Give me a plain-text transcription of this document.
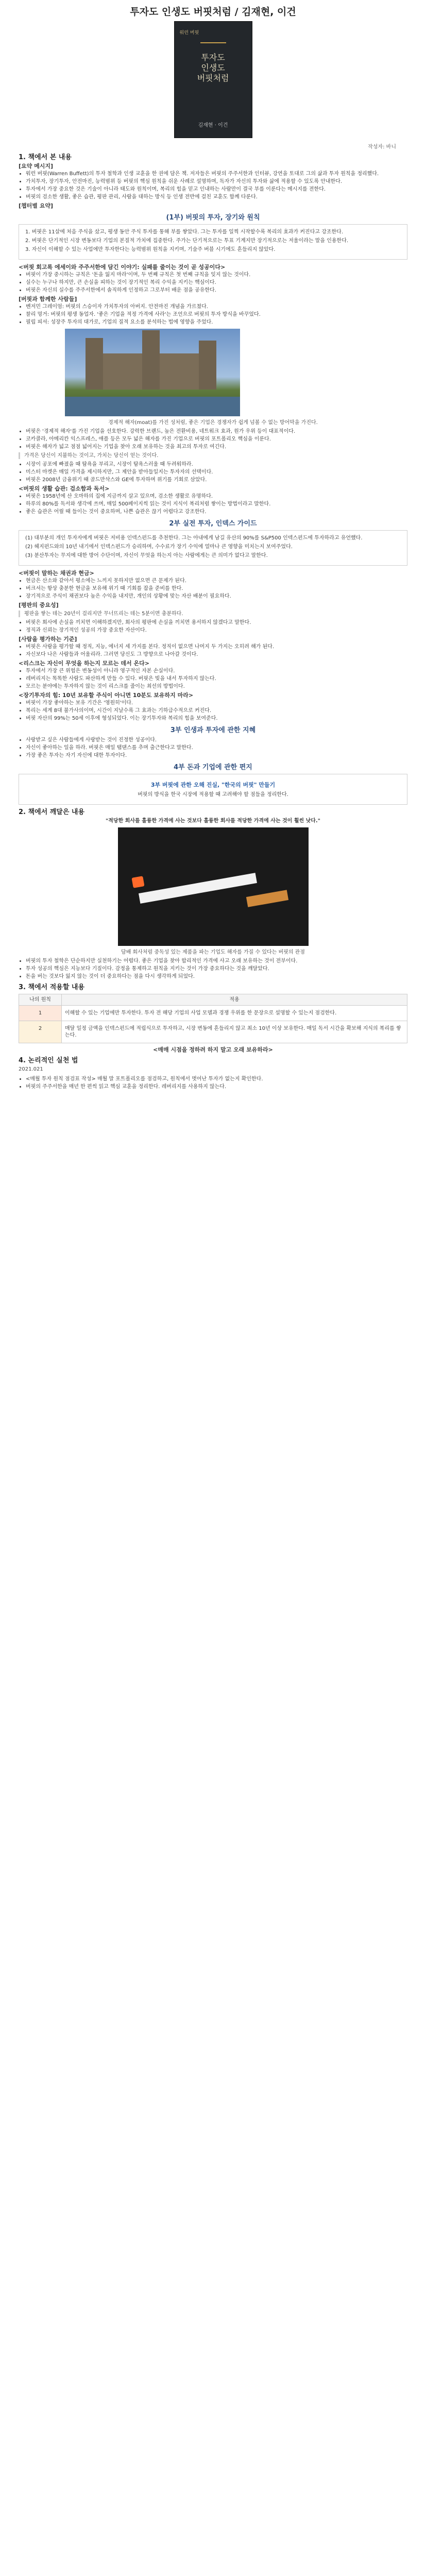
투자도 인생도 버핏처럼 / 김재현, 이건
워런 버핏
투자도
인생도
버핏처럼
김재현 · 이건
작성자: 바니
1. 책에서 본 내용
[요약 메시지]
• 워런 버핏(Warren Buffett)의 투자 철학과 인생 교훈을 한 권에 담은 책. 저자들은 버핏의 주주서한과 인터뷰, 강연을 토대로 그의 삶과 투자 원칙을 정리했다.
• 가치투자, 장기투자, 안전마진, 능력범위 등 버핏의 핵심 원칙을 쉬운 사례로 설명하며, 독자가 자신의 투자와 삶에 적용할 수 있도록 안내한다.
• 투자에서 가장 중요한 것은 기술이 아니라 태도와 원칙이며, 복리의 힘을 믿고 인내하는 사람만이 결국 부를 이룬다는 메시지를 전한다.
• 버핏의 검소한 생활, 좋은 습관, 평판 관리, 사람을 대하는 방식 등 인생 전반에 걸친 교훈도 함께 다룬다.
[챕터별 요약]
(1부) 버핏의 투자, 장기와 원칙
1. 버핏은 11살에 처음 주식을 샀고, 평생 동안 주식 투자를 통해 부를 쌓았다. 그는 투자를 일찍 시작할수록 복리의 효과가 커진다고 강조한다.
2. 버핏은 단기적인 시장 변동보다 기업의 본질적 가치에 집중한다. 주가는 단기적으로는 투표 기계지만 장기적으로는 저울이라는 말을 인용한다.
3. 자신이 이해할 수 있는 사업에만 투자한다는 능력범위 원칙을 지키며, 기술주 버블 시기에도 흔들리지 않았다.
<버핏 회고록 에세이와 주주서한에 담긴 이야기: 실패를 줄이는 것이 곧 성공이다>
• 버핏이 가장 중시하는 규칙은 '돈을 잃지 마라'이며, 두 번째 규칙은 첫 번째 규칙을 잊지 않는 것이다.
• 실수는 누구나 하지만, 큰 손실을 피하는 것이 장기적인 복리 수익을 지키는 핵심이다.
• 버핏은 자신의 실수를 주주서한에서 솔직하게 인정하고 그로부터 배운 점을 공유한다.
[버핏과 함께한 사람들]
• 벤저민 그레이엄: 버핏의 스승이자 가치투자의 아버지. 안전마진 개념을 가르쳤다.
• 찰리 멍거: 버핏의 평생 동업자. '좋은 기업을 적정 가격에 사라'는 조언으로 버핏의 투자 방식을 바꾸었다.
• 필립 피셔: 성장주 투자의 대가로, 기업의 질적 요소를 분석하는 법에 영향을 주었다.
경제적 해자(moat)를 가진 성처럼, 좋은 기업은 경쟁자가 쉽게 넘볼 수 없는 방어막을 가진다.
• 버핏은 '경제적 해자'를 가진 기업을 선호한다. 강력한 브랜드, 높은 전환비용, 네트워크 효과, 원가 우위 등이 대표적이다.
• 코카콜라, 아메리칸 익스프레스, 애플 등은 모두 넓은 해자를 가진 기업으로 버핏의 포트폴리오 핵심을 이룬다.
• 버핏은 해자가 넓고 점점 넓어지는 기업을 찾아 오래 보유하는 것을 최고의 투자로 여긴다.
가격은 당신이 지불하는 것이고, 가치는 당신이 얻는 것이다.
• 시장이 공포에 빠졌을 때 탐욕을 부리고, 시장이 탐욕스러울 때 두려워하라.
• 미스터 마켓은 매일 가격을 제시하지만, 그 제안을 받아들일지는 투자자의 선택이다.
• 버핏은 2008년 금융위기 때 골드만삭스와 GE에 투자하며 위기를 기회로 삼았다.
<버핏의 생활 습관: 검소함과 독서>
• 버핏은 1958년에 산 오마하의 집에 지금까지 살고 있으며, 검소한 생활로 유명하다.
• 하루의 80%를 독서와 생각에 쓰며, 매일 500페이지씩 읽는 것이 지식이 복리처럼 쌓이는 방법이라고 말한다.
• 좋은 습관은 어릴 때 들이는 것이 중요하며, 나쁜 습관은 끊기 어렵다고 강조한다.
2부 실전 투자, 인덱스 가이드
(1) 대부분의 개인 투자자에게 버핏은 저비용 인덱스펀드를 추천한다. 그는 아내에게 남길 유산의 90%를 S&P500 인덱스펀드에 투자하라고 유언했다.
(2) 헤지펀드와의 10년 내기에서 인덱스펀드가 승리하며, 수수료가 장기 수익에 얼마나 큰 영향을 미치는지 보여주었다.
(3) 분산투자는 무지에 대한 방어 수단이며, 자신이 무엇을 하는지 아는 사람에게는 큰 의미가 없다고 말한다.
<버핏이 말하는 채권과 현금>
• 현금은 산소와 같아서 평소에는 느끼지 못하지만 없으면 큰 문제가 된다.
• 버크셔는 항상 충분한 현금을 보유해 위기 때 기회를 잡을 준비를 한다.
• 장기적으로 주식이 채권보다 높은 수익을 내지만, 개인의 상황에 맞는 자산 배분이 필요하다.
[평판의 중요성]
평판을 쌓는 데는 20년이 걸리지만 무너뜨리는 데는 5분이면 충분하다.
• 버핏은 회사에 손실을 끼치면 이해하겠지만, 회사의 평판에 손실을 끼치면 용서하지 않겠다고 말한다.
• 정직과 신뢰는 장기적인 성공의 가장 중요한 자산이다.
[사람을 평가하는 기준]
• 버핏은 사람을 평가할 때 정직, 지능, 에너지 세 가지를 본다. 정직이 없으면 나머지 두 가지는 오히려 해가 된다.
• 자신보다 나은 사람들과 어울리라. 그러면 당신도 그 방향으로 나아갈 것이다.
<리스크는 자신이 무엇을 하는지 모르는 데서 온다>
• 투자에서 가장 큰 위험은 변동성이 아니라 영구적인 자본 손실이다.
• 레버리지는 똑똑한 사람도 파산하게 만들 수 있다. 버핏은 빚을 내서 투자하지 않는다.
• 모르는 분야에는 투자하지 않는 것이 리스크를 줄이는 최선의 방법이다.
<장기투자의 힘: 10년 보유할 주식이 아니면 10분도 보유하지 마라>
• 버핏이 가장 좋아하는 보유 기간은 '영원히'이다.
• 복리는 세계 8대 불가사의이며, 시간이 지날수록 그 효과는 기하급수적으로 커진다.
• 버핏 자산의 99%는 50세 이후에 형성되었다. 이는 장기투자와 복리의 힘을 보여준다.
3부 인생과 투자에 관한 지혜
• 사랑받고 싶은 사람들에게 사랑받는 것이 진정한 성공이다.
• 자신이 좋아하는 일을 하라. 버핏은 매일 탭댄스를 추며 출근한다고 말한다.
• 가장 좋은 투자는 자기 자신에 대한 투자이다.
4부 돈과 기업에 관한 편지
3부 버핏에 관한 오해 진실, "한국의 버핏" 만들기
버핏의 방식을 한국 시장에 적용할 때 고려해야 할 점들을 정리한다.
2. 책에서 깨달은 내용
"적당한 회사를 훌륭한 가격에 사는 것보다 훌륭한 회사를 적당한 가격에 사는 것이 훨씬 낫다."
담배 회사처럼 중독성 있는 제품을 파는 기업도 해자를 가질 수 있다는 버핏의 관점
• 버핏의 투자 철학은 단순하지만 실천하기는 어렵다. 좋은 기업을 찾아 합리적인 가격에 사고 오래 보유하는 것이 전부이다.
• 투자 성공의 핵심은 지능보다 기질이다. 감정을 통제하고 원칙을 지키는 것이 가장 중요하다는 것을 깨달았다.
• 돈을 버는 것보다 잃지 않는 것이 더 중요하다는 점을 다시 생각하게 되었다.
3. 책에서 적용할 내용
나의 원칙	적용
1	이해할 수 있는 기업에만 투자한다. 투자 전 해당 기업의 사업 모델과 경쟁 우위를 한 문장으로 설명할 수 있는지 점검한다.
2	매달 일정 금액을 인덱스펀드에 적립식으로 투자하고, 시장 변동에 흔들리지 않고 최소 10년 이상 보유한다. 매일 독서 시간을 확보해 지식의 복리를 쌓는다.
<매매 시점을 정하려 하지 말고 오래 보유하라>
4. 논리적인 실천 법
2021.021
• <매월 투자 원칙 점검표 작성> 매월 말 포트폴리오를 점검하고, 원칙에서 벗어난 투자가 없는지 확인한다.
• 버핏의 주주서한을 매년 한 편씩 읽고 핵심 교훈을 정리한다. 레버리지를 사용하지 않는다.
